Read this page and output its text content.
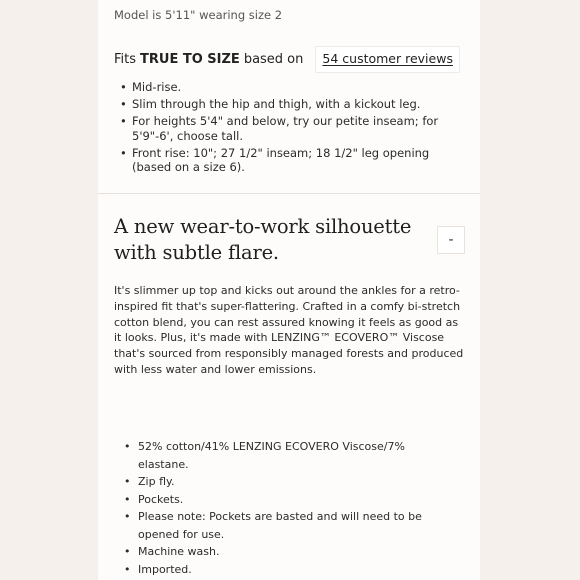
Model is 5'11" wearing size 2
Fits TRUE TO SIZE based on	54 customer reviews
• Mid-rise.
• Slim through the hip and thigh, with a kickout leg.
• For heights 5'4" and below, try our petite inseam; for 5'9"-6', choose tall.
• Front rise: 10"; 27 1/2" inseam; 18 1/2" leg opening (based on a size 6).
A new wear-to-work silhouette with subtle flare.
-
It's slimmer up top and kicks out around the ankles for a retro-inspired fit that's super-flattering. Crafted in a comfy bi-stretch cotton blend, you can rest assured knowing it feels as good as it looks. Plus, it's made with LENZING™ ECOVERO™ Viscose that's sourced from responsibly managed forests and produced with less water and lower emissions.
• 52% cotton/41% LENZING ECOVERO Viscose/7% elastane.
• Zip fly.
• Pockets.
• Please note: Pockets are basted and will need to be opened for use.
• Machine wash.
• Imported.
